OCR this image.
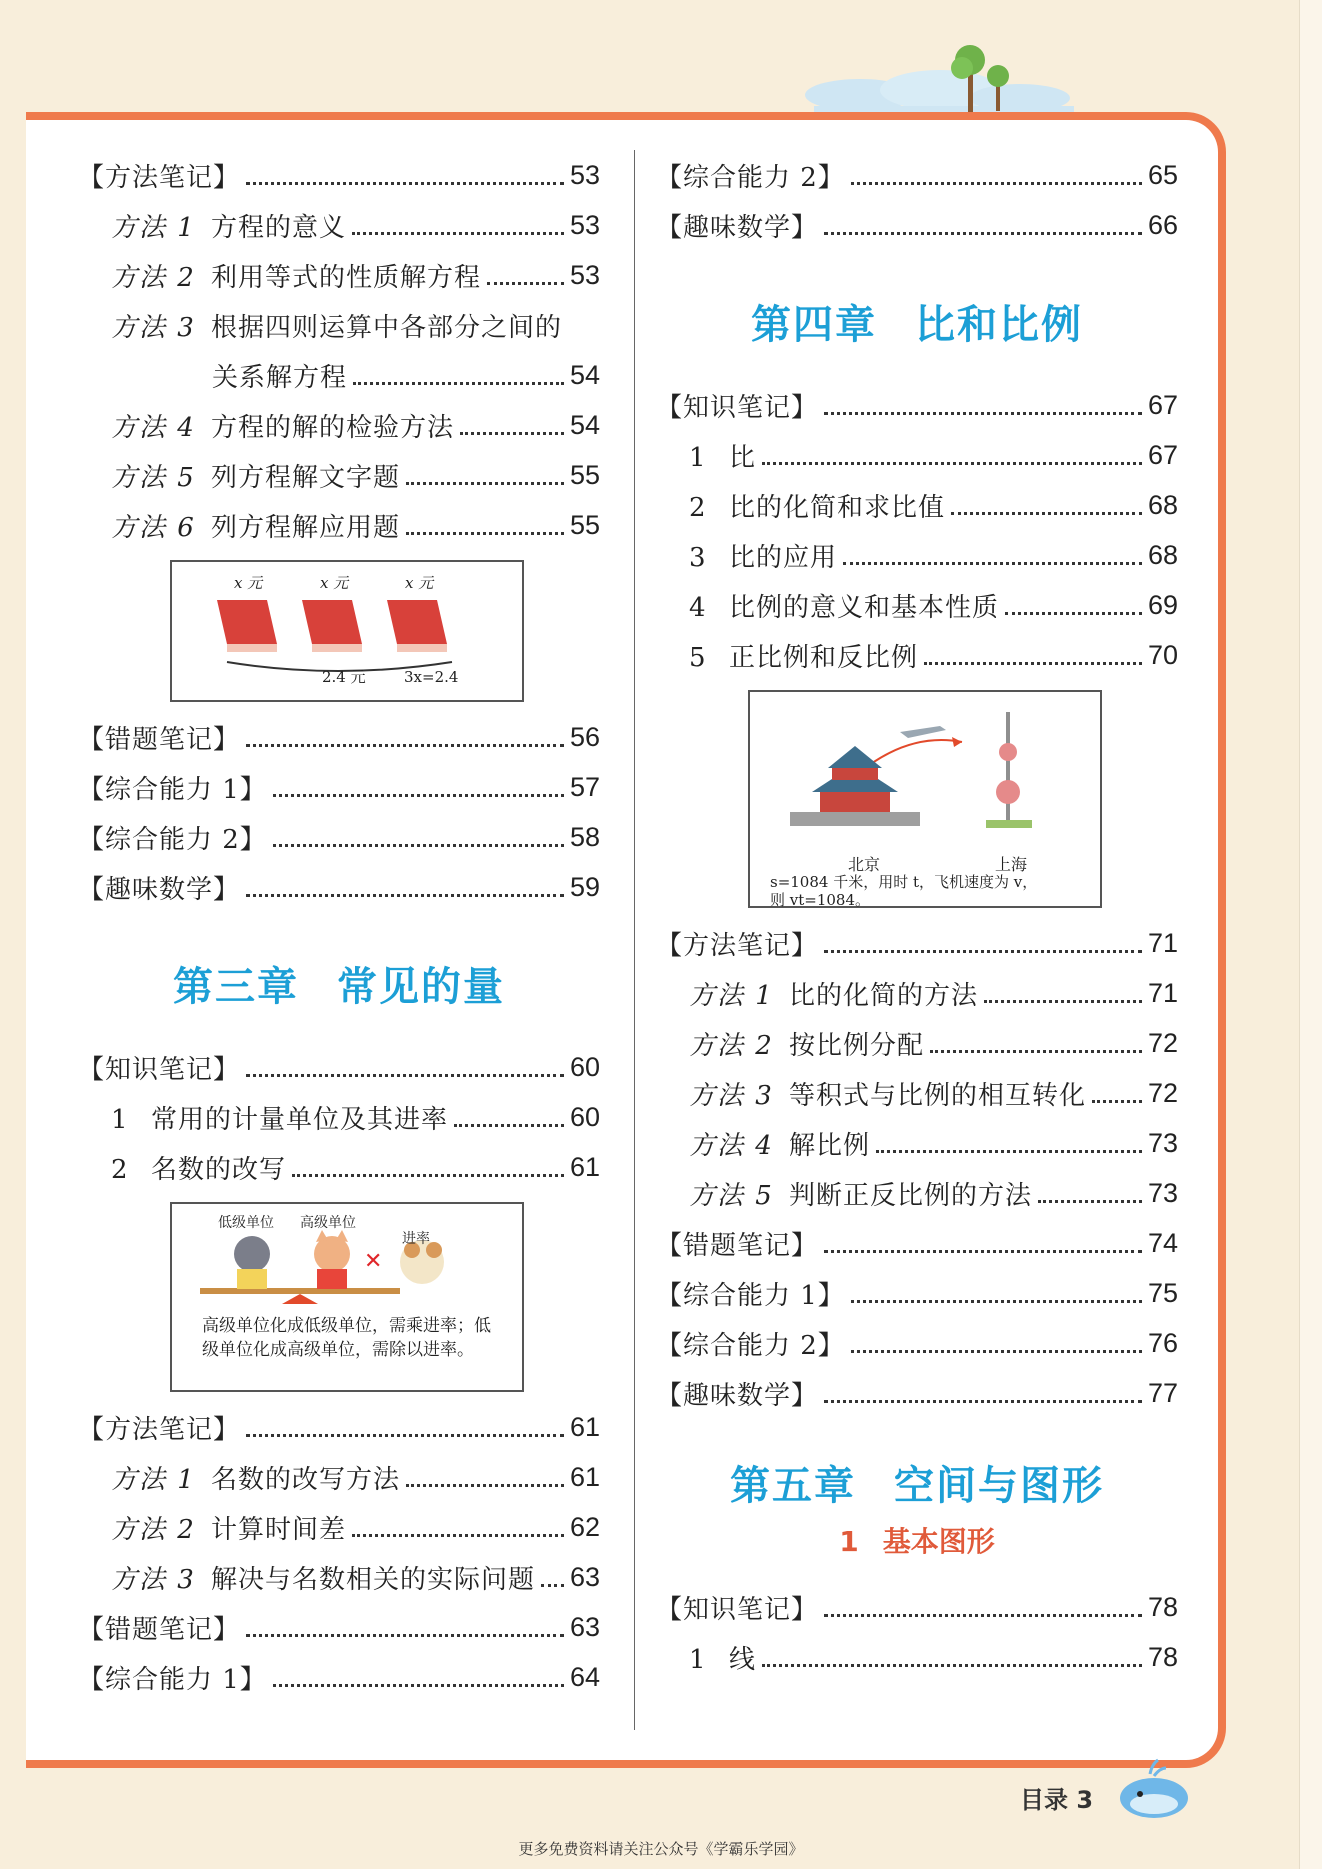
【方法笔记】	53
方法 1 方程的意义	53
方法 2 利用等式的性质解方程	53
方法 3 根据四则运算中各部分之间的
关系解方程	54
方法 4 方程的解的检验方法	54
方法 5 列方程解文字题	55
方法 6 列方程解应用题	55
x 元	x 元	x 元
2.4 元	3x=2.4
【错题笔记】	56
【综合能力 1】	57
【综合能力 2】	58
【趣味数学】	59
第三章 常见的量
【知识笔记】	60
1 常用的计量单位及其进率	60
2 名数的改写	61
✕
低级单位 高级单位
进率
高级单位化成低级单位，需乘进率；低级单位化成高级单位，需除以进率。
【方法笔记】	61
方法 1 名数的改写方法	61
方法 2 计算时间差	62
方法 3 解决与名数相关的实际问题 63
【错题笔记】	63
【综合能力 1】	64
【综合能力 2】	65
【趣味数学】	66
第四章 比和比例
【知识笔记】	67
1 比	67
2 比的化简和求比值	68
3 比的应用	68
4 比例的意义和基本性质	69
5 正比例和反比例	70
北京	上海
s=1084 千米，用时 t，飞机速度为 v，
则 vt=1084。
【方法笔记】	71
方法 1 比的化简的方法	71
方法 2 按比例分配	72
方法 3 等积式与比例的相互转化 72
方法 4 解比例	73
方法 5 判断正反比例的方法	73
【错题笔记】	74
【综合能力 1】	75
【综合能力 2】	76
【趣味数学】	77
第五章 空间与图形
1 基本图形
【知识笔记】	78
1 线	78
目录 3
更多免费资料请关注公众号《学霸乐学园》
